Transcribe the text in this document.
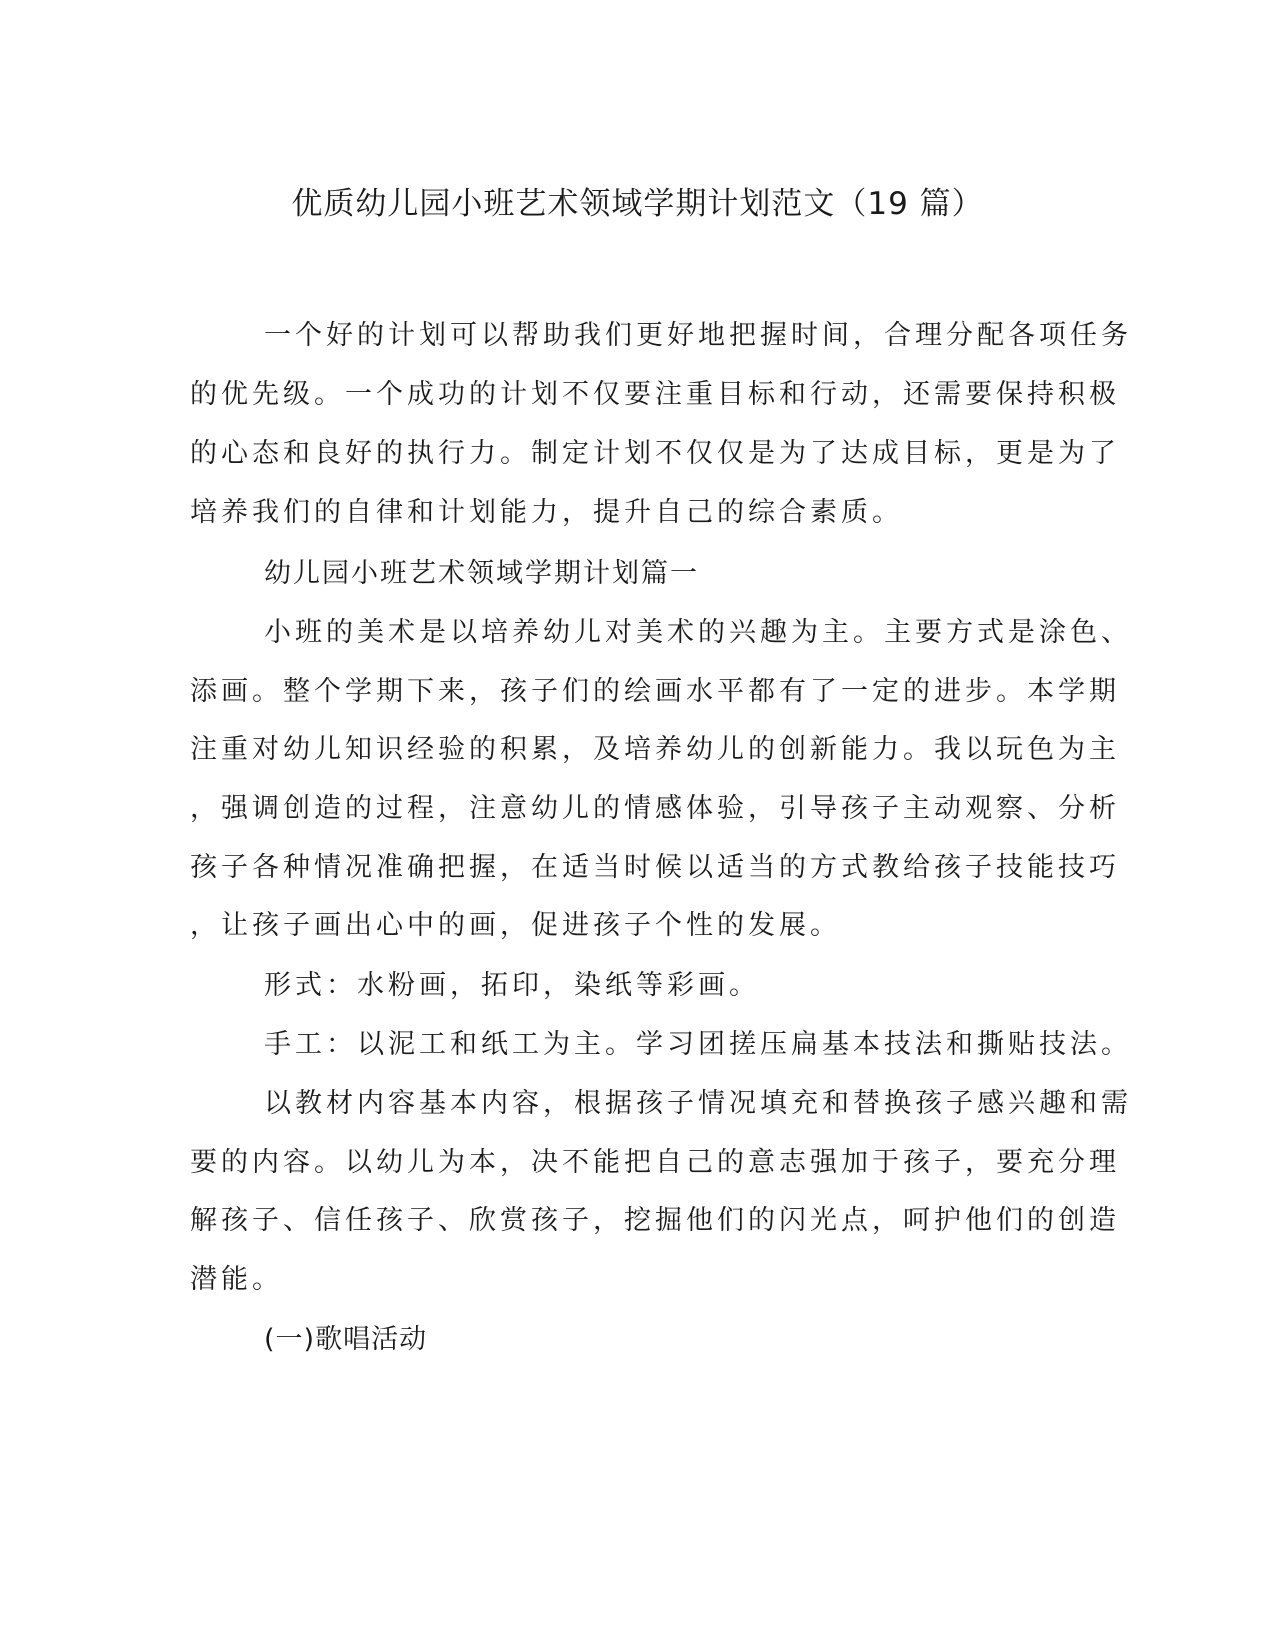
优质幼儿园小班艺术领域学期计划范文（19 篇）
一个好的计划可以帮助我们更好地把握时间，合理分配各项任务
的优先级。一个成功的计划不仅要注重目标和行动，还需要保持积极
的心态和良好的执行力。制定计划不仅仅是为了达成目标，更是为了
培养我们的自律和计划能力，提升自己的综合素质。
幼儿园小班艺术领域学期计划篇一
小班的美术是以培养幼儿对美术的兴趣为主。主要方式是涂色、
添画。整个学期下来，孩子们的绘画水平都有了一定的进步。本学期
注重对幼儿知识经验的积累，及培养幼儿的创新能力。我以玩色为主
，强调创造的过程，注意幼儿的情感体验，引导孩子主动观察、分析
孩子各种情况准确把握，在适当时候以适当的方式教给孩子技能技巧
，让孩子画出心中的画，促进孩子个性的发展。
形式：水粉画，拓印，染纸等彩画。
手工：以泥工和纸工为主。学习团搓压扁基本技法和撕贴技法。
以教材内容基本内容，根据孩子情况填充和替换孩子感兴趣和需
要的内容。以幼儿为本，决不能把自己的意志强加于孩子，要充分理
解孩子、信任孩子、欣赏孩子，挖掘他们的闪光点，呵护他们的创造
潜能。
(一)歌唱活动
